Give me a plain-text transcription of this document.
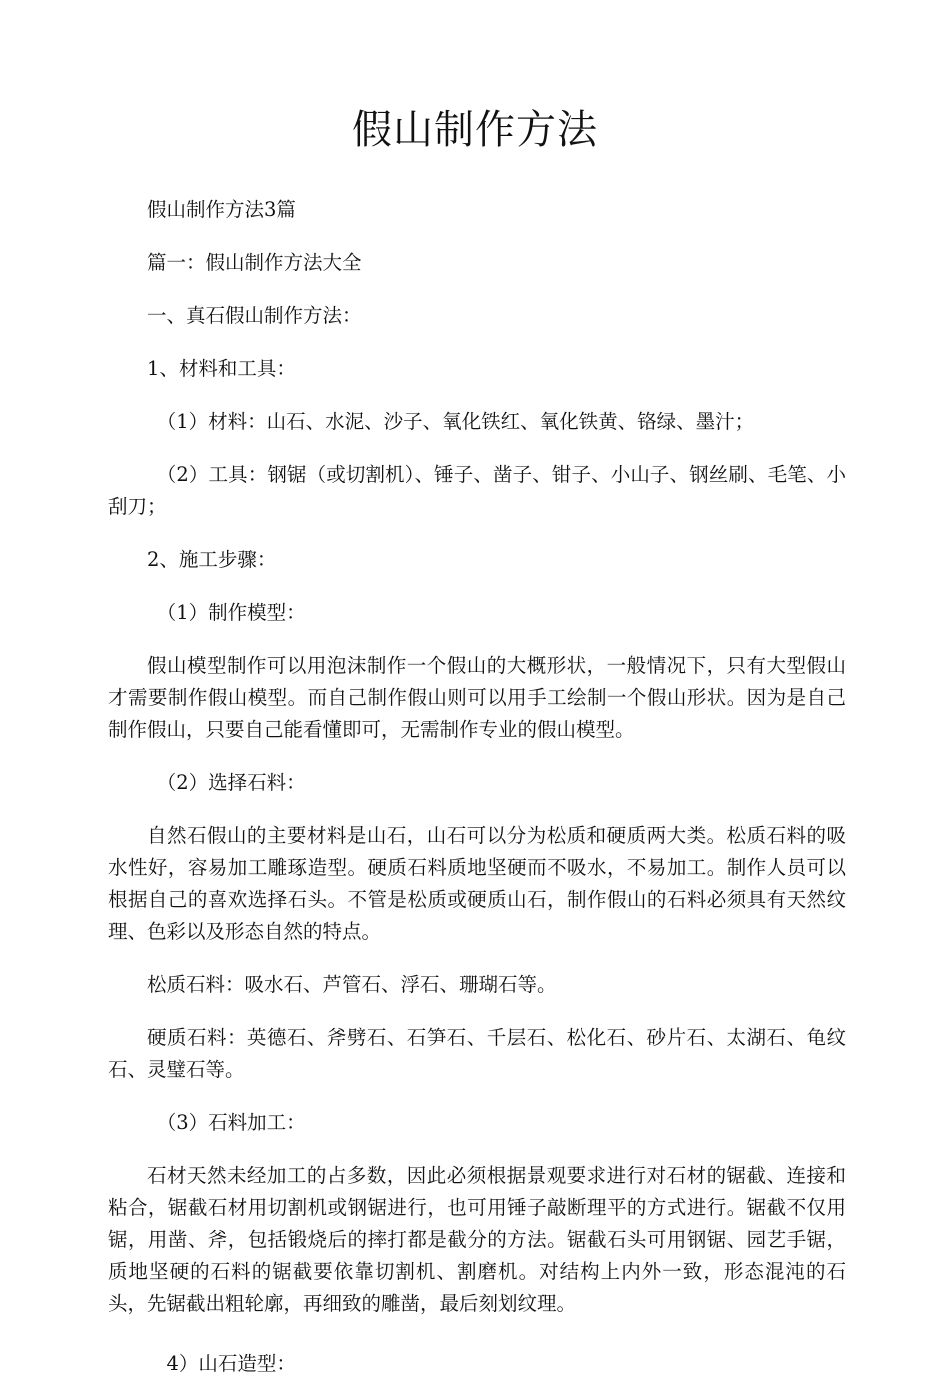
假山制作方法

假山制作方法3篇

篇一：假山制作方法大全

一、真石假山制作方法：

1、材料和工具：

（1）材料：山石、水泥、沙子、氧化铁红、氧化铁黄、铬绿、墨汁；

（2）工具：钢锯（或切割机）、锤子、凿子、钳子、小山子、钢丝刷、毛笔、小刮刀；

2、施工步骤：

（1）制作模型：

假山模型制作可以用泡沫制作一个假山的大概形状，一般情况下，只有大型假山才需要制作假山模型。而自己制作假山则可以用手工绘制一个假山形状。因为是自己制作假山，只要自己能看懂即可，无需制作专业的假山模型。

（2）选择石料：

自然石假山的主要材料是山石，山石可以分为松质和硬质两大类。松质石料的吸水性好，容易加工雕琢造型。硬质石料质地坚硬而不吸水，不易加工。制作人员可以根据自己的喜欢选择石头。不管是松质或硬质山石，制作假山的石料必须具有天然纹理、色彩以及形态自然的特点。

松质石料：吸水石、芦管石、浮石、珊瑚石等。

硬质石料：英德石、斧劈石、石笋石、千层石、松化石、砂片石、太湖石、龟纹石、灵璧石等。

（3）石料加工：

石材天然未经加工的占多数，因此必须根据景观要求进行对石材的锯截、连接和粘合，锯截石材用切割机或钢锯进行，也可用锤子敲断理平的方式进行。锯截不仅用锯，用凿、斧，包括锻烧后的摔打都是截分的方法。锯截石头可用钢锯、园艺手锯，质地坚硬的石料的锯截要依靠切割机、割磨机。对结构上内外一致，形态混沌的石头，先锯截出粗轮廓，再细致的雕凿，最后刻划纹理。

4）山石造型：
